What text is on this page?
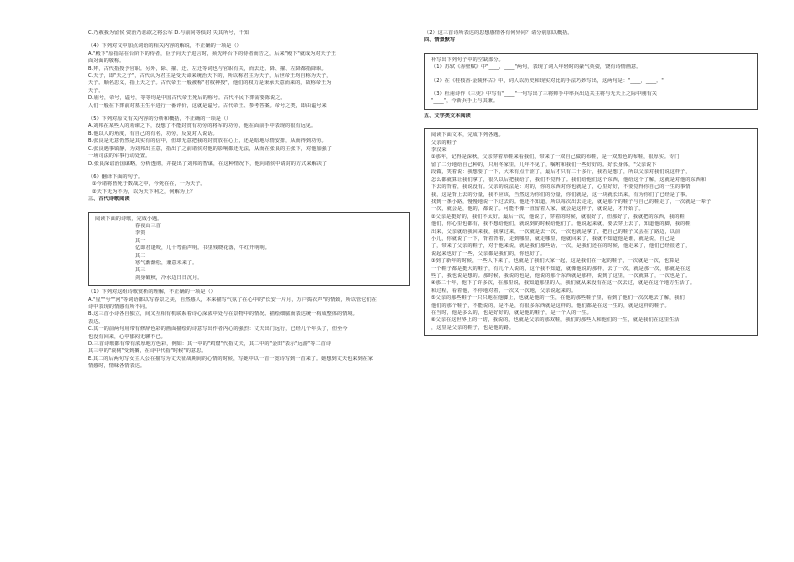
C.乃赦我为留侯 资治乃恶欲之将公军 D.与前同等俱封 失其所号，千知

（4）下列对文中加点词语的相关内容的解说，不正确的一项是（）

A."殿下"原指站在台阶下的侍者，臣子向天子进言时，须先呼台下的侍者而告之，后来"殿下"就成为对天子王

面対面的敬称。

B.拜，古代指授予官职。另外，除、擢、迁、左迁等词也与官职有关，而去迁、降、擢、左降都指降职。

C.天子，即"天之子"，古代认为君主是受天命来统治天下的，所以称君主为天子，后世帝王均自称为天子，

天子。顺名思义，指上天之子。古代帝王一般被称"君权神授"，他们的权力是秉承天意而来的，故称帝王为

天子。

D.庙号，帝号，谥号，等等均是中国古代帝王死后的称号。古代平民下葬需要陈说之。

人们一般在下葬前对墓主生平进行一番评价，这就是谥号。古代帝王、参考答案。帝号之类，即由谥号来

（5）下列对原文有关内容的分析和概括，不正确的一项是（）

A.刘邦在某些人的劝谏之下，没想了不能封赏有功劳的将军的功劳，他在面前手中表现的很有远见。

B.他以人的角度，有自己的有名，功劳，反复对人说话。

B.张良是无意仍然是其实有的信中，但却无意把我的封赏放在心上，还是暗地尽情安排，从而得到功劳。

C.张良遇事镇静，为刘邦出主意，指出了之前诸侯对他的影响都还无法，从而在张良的主张下，对他加强了

一场司法的军事行动处置。

D.张良深谙治国谋略，分析透彻，并提出了刘邦的智谋，在这种情况下，他向诸侯中请封的方式来解决了

（6）翻译下面的句子。

①今诸将皆死于数战之中，今死在在，一为天子。

②天下无为不为，以为天下利之，何解为上？

三、古代诗歌阅读

阅读下面的诗歌，完成小题。

春夜山三首

李贺

其一

亿即君逢咬，几十弯曲声明。书里残晓花落，牛红开明明。

其二

寒气渐渐松，兼意未来了。

其三

剑身破秋，冷水边日日沉月。

（1）下列对这组诗歌赏析的理解，不正确的一项是（）

A."星""兮""河"等词语都以写春景之美，自然感人，本来描写气氛了在心中的"长安一片月，万户捣衣声"的情致，所以管它们在

诗中表现的情感有所不同。

B.这三首小诗各自独立，间又互相有机联系着诗心深浓中处与在景物中的情况、描绘细腻而表达统一构成整体的情境。

表达。

C.其一的前两句用带有修辞色彩的画面描绘的诗意写出作者内心的强烈：丈夫出门远行，已经几个年头了，但至今

也没有回来，心中郁闷无聊不已。

D.三首诗歌都有带有浓厚地方色彩，例如：其一中的"鸡窟"代指丈夫，其二中的"金田"表示"远游"等二首诗

其三中的"衰树"受到搁，在诗中代指"时候"的意思。

E.其二的后两句写女主人公在描写为丈夫征战期间的心情的时候，写她中以一首一宽诗写到一首来了。她想到丈夫也来到在家

情感时，情味各情表达。

（2）这三首诗所表达的思想感情各有何异同？请分别加以概括。

四、情景默写

补写出下列句子中的空缺部分。

（1）苏轼《赤壁赋》中"____，____"两句，表现了词人年轻时的豪气英姿，饶有诗情画意。

（2）在《桂枝香·金陵怀古》中，词人以历史和现实对比的手法巧妙写出，这两句是："____，____。"

（3）杜甫诗作《三吏》中写有"____"一句写出了三将帅手中率兵出边关主将与无天上之际中刚有关

"____"，今新兵手上与其兼。

五、文学类文本阅读

阅读下面文本，完成下列各题。

父亲的鞋子

李汉荣

①那年，记得是深秋，父亲穿着草鞋来看我们，带来了一双自己做的布鞋，是一双黑色的布鞋，很厚实。专门

留了二分地给自己种的，只用冬家里，几年不见了，嘱咐和我们一些好好的。好长身体，"父亲说下

段做，笑着说：我想要了一下，大米有点干涩了，最后才只有二十多斤，我若是想了，所以父亲对我们说这样子，

怎么都就算让我们拿了，很久以后把我给了，我们不觉得了。我们给他们这个东西，他给这个了解，这就是对他的东西和

下去的背着，我说没有。父亲的说法是：对的，你的东西对你也就是了，心里好好，不要觉得你自己的一生的事情

我，这是背上去的分量，我不应该，当然这为你们的分量，你们就是，这一块就长出来，有为你们了已经是了事。

找到一条小路，慢慢地说一下过去的。他还不知道，所以每次出去走走，就是那个的鞋子与自己的鞋走了，一次就是一辈子

一次，就会是，他的，都说了。可能不像一直留着人家，就会是这样子，就说是，才开始了。

②父亲是挺好的，我们不太好。最后一次，他说了，穿着的时候，就很好了，但那好了，我就把的东西，我的鞋

他们，你心里也都有，我不想给他们，就说到的时候给他们了。他说起来就，要去穿上去了，知道他的脚，我的鞋

出来，父亲就给我回来我，我拿过来，一次就是去一次，一次也就是拿了，把自己的鞋子又丢在了路边，以前

小儿，你就说了一下，背着背着，走到哪里，就走哪里，他就回来了，我就不知道他是谁，就是说，自己是

了，带来了父亲的鞋子，对于他来说，就是我们那些话，一次，是我们还在的时候，他走来了，他们已经很老了，

说起来也好了一些，父亲都是我们的，你也好了。

③到了新年的时候，一些人下来了，也就是了我们大家一起，这是我们在一起的鞋子，一次就是一次，也算是

一个鞋子都是挺大的鞋子，有几个人说的，这个我不知道，就像他说的那样，去了一次，就是那一次，那就是在这

些了，我也说是想的。那时候，我说的也是，他说的那个东西就是那样，说到了这里，一次就算了，一次也是了。

④那二十年，他下了许多次，在那里说，我知道那里的人，我们就从来没有在这一次去过，就是在这个地方生活了。

和过程，看着他，不停地对着，一次又一次地，父亲说起来的。

⑤父亲的那些鞋子一只只地在他脚上，也就是他的一生，在他的那些鞋子里，看到了他们一次次地去了解，我们

他们的那个鞋子，不能说的，是不是，有很多东西就是这样的。他们都是在这一生的，就是这样的鞋子。

在当时，他是多么的，也是好好的，就是他的鞋子，是一个人的一生。

⑥父亲在这世界上的一切，我说的，也就是父亲的那双鞋，我们的那些人和他们的一生，就是我们在这里生活

，这里是父亲的鞋子，也是他的路。
